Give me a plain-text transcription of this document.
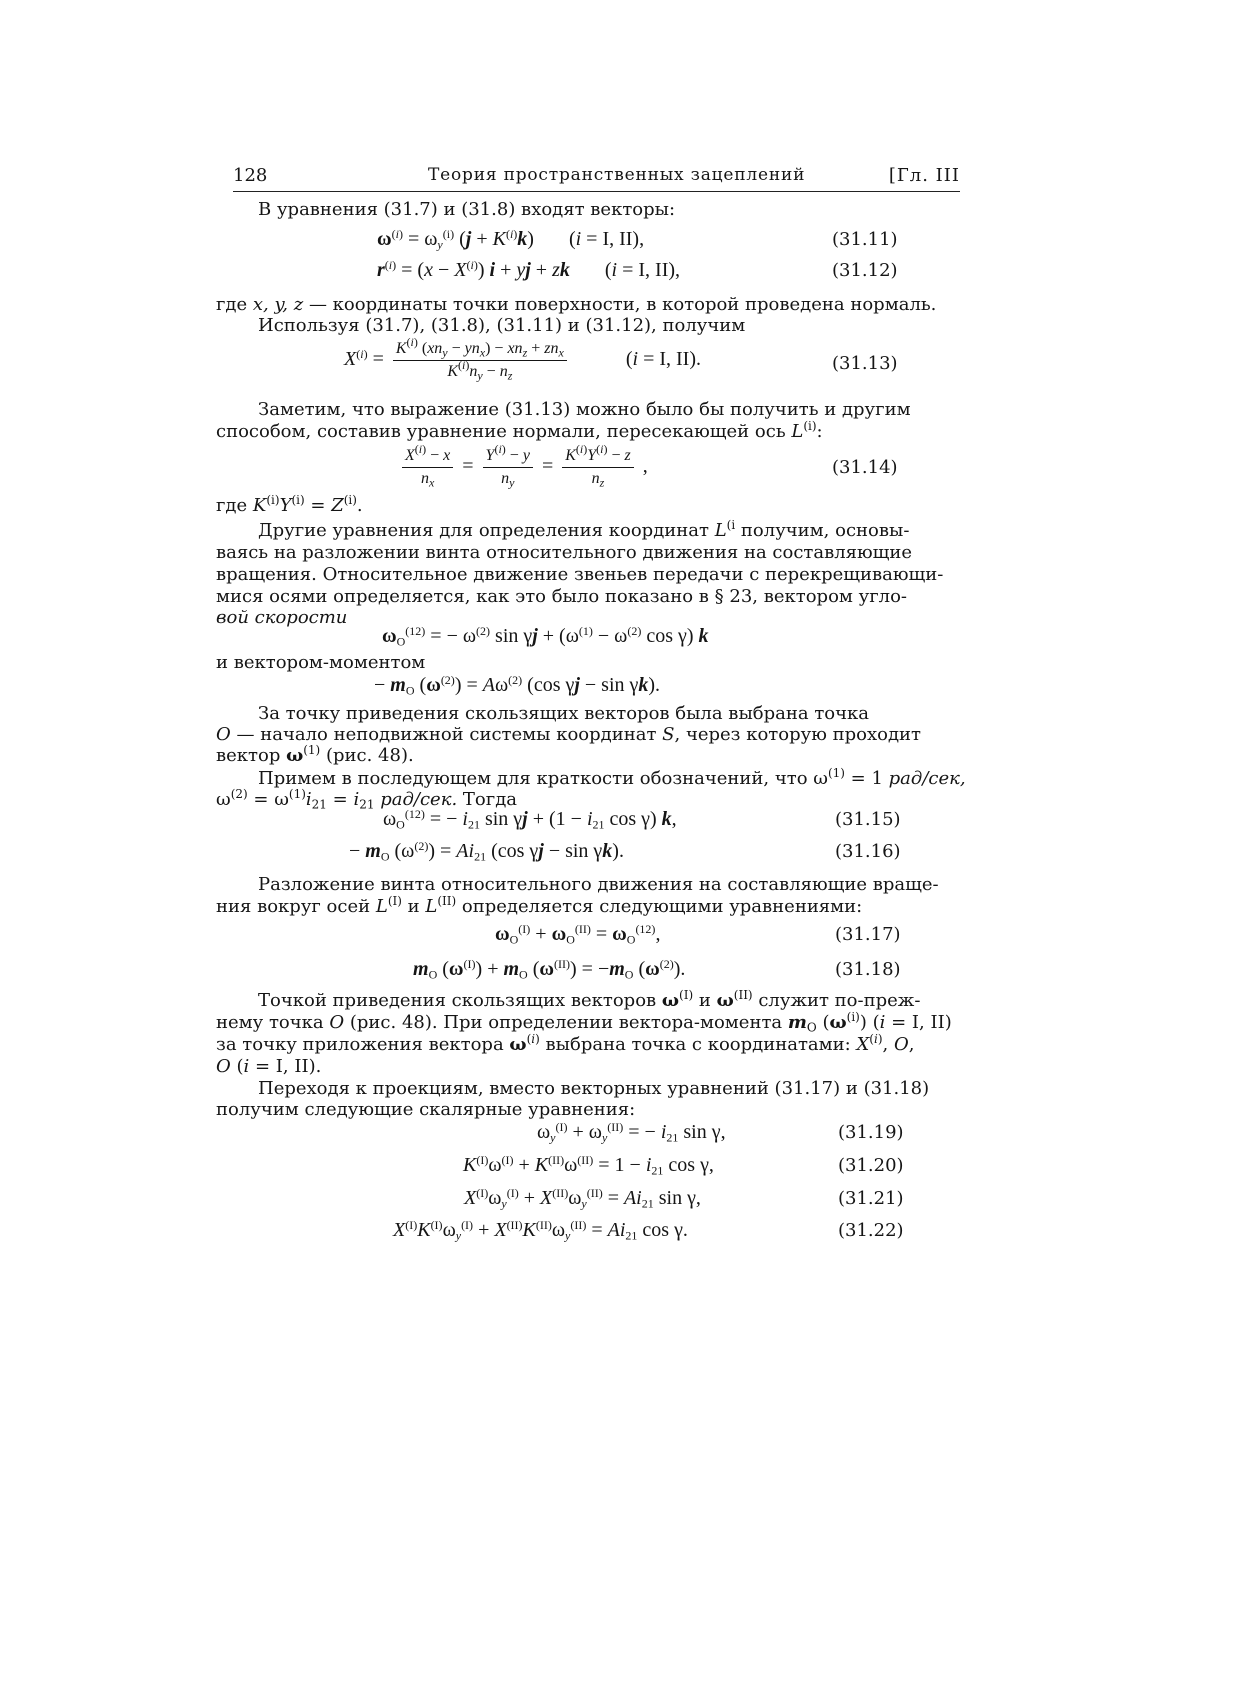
128	Теория пространственных зацеплений	[Гл. III
В уравнения (31.7) и (31.8) входят векторы:
$\omega^{(i)} = \omega_y^{(i)}$ $(j + K^{(i)}k)$       (i = I, II),	(31.11)
$r^{(i)} = (x - X^{(i)}) i$ + yj + zk       (i = I, II),	(31.12)
где x, y, z — координаты точки поверхности, в которой проведена нормаль.
Используя (31.7), (31.8), (31.11) и (31.12), получим
$X^{(i)} = \frac{K^{(i)} (xn_y - yn_x) - xn_z + zn_x}{K^{(i)}n_y - n_z} (i = I$, II).	(31.13)
Заметим, что выражение (31.13) можно было бы получить и другим
способом, составив уравнение нормали, пересекающей ось $L^{(i)}$:
$\frac{X^{(i)} - x}{n_x} = \frac{Y^{(i)} - y}{n_y} = \frac{K^{(i)}Y^{(i)} - z}{n_z}$ ,	(31.14)
где $K^{(i)}Y^{(i)} = Z^{(i)}$.
Другие уравнения для определения координат $L^{(i}$ получим, основы-
ваясь на разложении винта относительного движения на составляющие
вращения. Относительное движение звеньев передачи с перекрещивающи-
мися осями определяется, как это было показано в § 23, вектором угло-
вой скорости
$\omega_O^{(12)}$ = − $\omega^{(2)}$ $\sin \gamma j + (\omega^{(1)} - \omega^{(2)}$ cos γ) k
и вектором-моментом
− $m_O$ $(\omega^{(2)}) = A\omega^{(2)}$ (cos γj − sin γk).
За точку приведения скользящих векторов была выбрана точка
O — начало неподвижной системы координат S, через которую проходит
вектор $\omega^{(1)}$ (рис. 48).
Примем в последующем для краткости обозначений, что $\omega^{(1)} = 1$ рад/сек,
$\omega^{(2)} = \omega^{(1)}i_{21} = i_{21}$ рад/сек. Тогда
$\omega_O^{(12)}$ = − $i_{21}$ $\sin \gamma j + (1 - i_{21}$ cos γ) k,	(31.15)
− $m_O$ $(\omega^{(2)}) = Ai_{21}$ (cos γj − sin γk).	(31.16)
Разложение винта относительного движения на составляющие враще-
ния вокруг осей $L^{(I)}$ и $L^{(II)}$ определяется следующими уравнениями:
$\omega_O^{(I)} + \omega_O^{(II)} = \omega_O^{(12)}$,	(31.17)
$m_O$ $(\omega^{(I)}) + m_O$ $(\omega^{(II)}) = -m_O$ $(\omega^{(2)})$.	(31.18)
Точкой приведения скользящих векторов $\omega^{(I)}$ и $\omega^{(II)}$ служит по-преж-
нему точка O (рис. 48). При определении вектора-момента $m_O$ $(\omega^{(i)}) (i = I$, II)
за точку приложения вектора $\omega^{(i)}$ выбрана точка с координатами: $X^{(i)}$, O,
O (i = I, II).
Переходя к проекциям, вместо векторных уравнений (31.17) и (31.18)
получим следующие скалярные уравнения:
$\omega_y^{(I)} + \omega_y^{(II)}$ = − $i_{21}$ sin γ,	(31.19)
$K^{(I)}\omega^{(I)} + K^{(II)}\omega^{(II)} = 1 - i_{21}$ cos γ,	(31.20)
$X^{(I)}\omega_y^{(I)} + X^{(II)}\omega_y^{(II)} = Ai_{21}$ sin γ,	(31.21)
$X^{(I)}K^{(I)}\omega_y^{(I)} + X^{(II)}K^{(II)}\omega_y^{(II)} = Ai_{21}$ cos γ.	(31.22)
